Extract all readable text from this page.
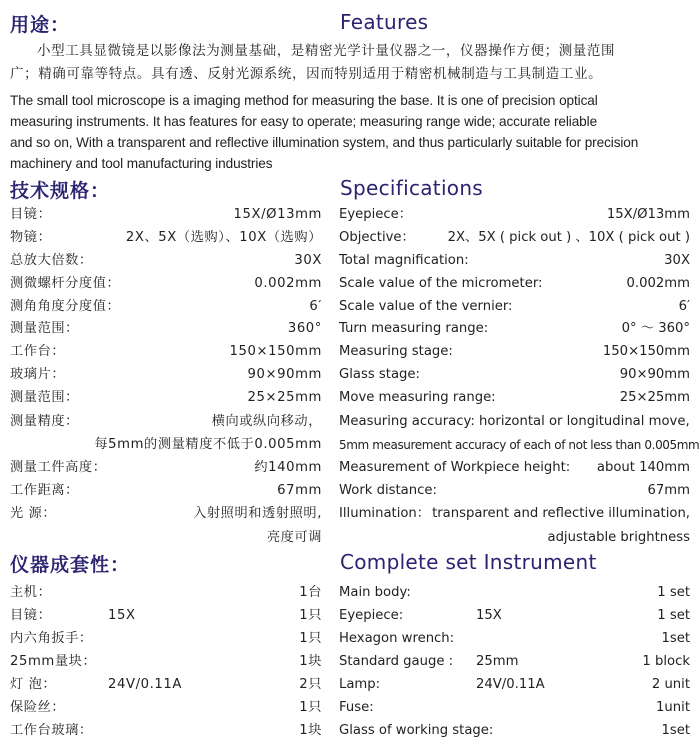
用途：	Features
小型工具显微镜是以影像法为测量基础，是精密光学计量仪器之一，仪器操作方便；测量范围
广；精确可靠等特点。具有透、反射光源系统，因而特别适用于精密机械制造与工具制造工业。
The small tool microscope is a imaging method for measuring the base. It is one of precision optical
measuring instruments. It has features for easy to operate; measuring range wide; accurate reliable
and so on, With a transparent and reflective illumination system, and thus particularly suitable for precision
machinery and tool manufacturing industries
技术规格：	Specifications
目镜：	15X/Ø13mm
物镜：	2X、5X（选购）、10X（选购）
总放大倍数：	30X
测微螺杆分度值：	0.002mm
测角角度分度值：	6′
测量范围：	360°
工作台：	150×150mm
玻璃片：	90×90mm
测量范围：	25×25mm
测量精度：	横向或纵向移动，
每5mm的测量精度不低于0.005mm
测量工件高度：	约140mm
工作距离：	67mm
光 源：	入射照明和透射照明,
亮度可调
Eyepiece：	15X/Ø13mm
Objective： 2X、5X ( pick out ) 、10X ( pick out )
Total magnification:	30X
Scale value of the micrometer:	0.002mm
Scale value of the vernier:	6′
Turn measuring range:	0° ～ 360°
Measuring stage:	150×150mm
Glass stage:	90×90mm
Move measuring range:	25×25mm
Measuring accuracy: horizontal or longitudinal move,
5mm measurement accuracy of each of not less than 0.005mm
Measurement of Workpiece height: about 140mm
Work distance:	67mm
Illumination： transparent and reflective illumination,
adjustable brightness
仪器成套性：	Complete set Instrument
主机：	1台
目镜：	15X	1只
内六角扳手：	1只
25mm量块：	1块
灯 泡：	24V/0.11A	2只
保险丝：	1只
工作台玻璃：	1块
Main body:	1 set
Eyepiece:	15X	1 set
Hexagon wrench:	1set
Standard gauge : 25mm	1 block
Lamp:	24V/0.11A	2 unit
Fuse:	1unit
Glass of working stage:	1set
